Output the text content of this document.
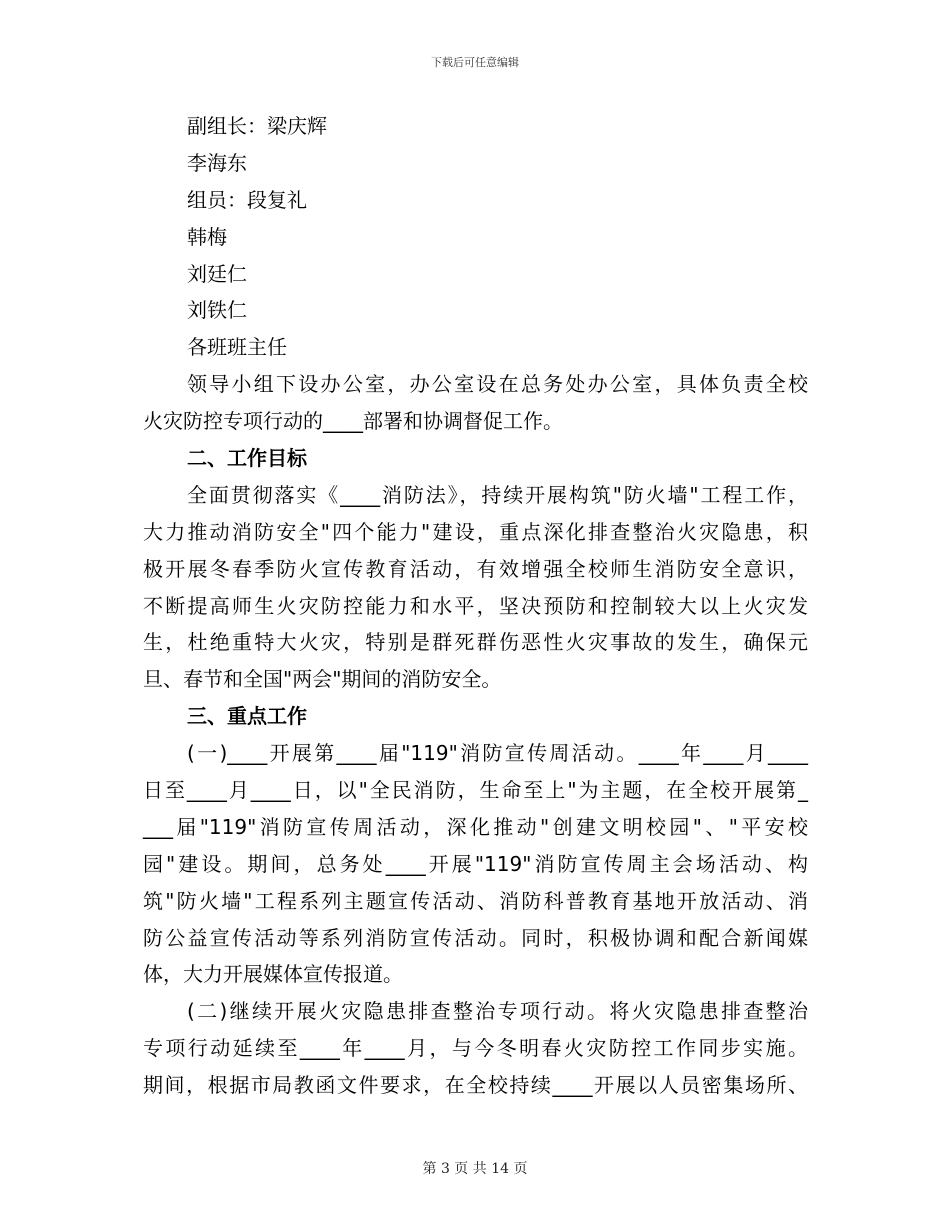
下载后可任意编辑
副组长：梁庆辉
李海东
组员：段复礼
韩梅
刘廷仁
刘铁仁
各班班主任
领导小组下设办公室，办公室设在总务处办公室，具体负责全校
火灾防控专项行动的____部署和协调督促工作。
二、工作目标
全面贯彻落实《____消防法》，持续开展构筑"防火墙"工程工作，
大力推动消防安全"四个能力"建设，重点深化排查整治火灾隐患，积
极开展冬春季防火宣传教育活动，有效增强全校师生消防安全意识，
不断提高师生火灾防控能力和水平，坚决预防和控制较大以上火灾发
生，杜绝重特大火灾，特别是群死群伤恶性火灾事故的发生，确保元
旦、春节和全国"两会"期间的消防安全。
三、重点工作
(一)____开展第____届"119"消防宣传周活动。____年____月____
日至____月____日，以"全民消防，生命至上"为主题，在全校开展第_
___届"119"消防宣传周活动，深化推动"创建文明校园"、"平安校
园"建设。期间，总务处____开展"119"消防宣传周主会场活动、构
筑"防火墙"工程系列主题宣传活动、消防科普教育基地开放活动、消
防公益宣传活动等系列消防宣传活动。同时，积极协调和配合新闻媒
体，大力开展媒体宣传报道。
(二)继续开展火灾隐患排查整治专项行动。将火灾隐患排查整治
专项行动延续至____年____月，与今冬明春火灾防控工作同步实施。
期间，根据市局教函文件要求，在全校持续____开展以人员密集场所、
第 3 页 共 14 页
